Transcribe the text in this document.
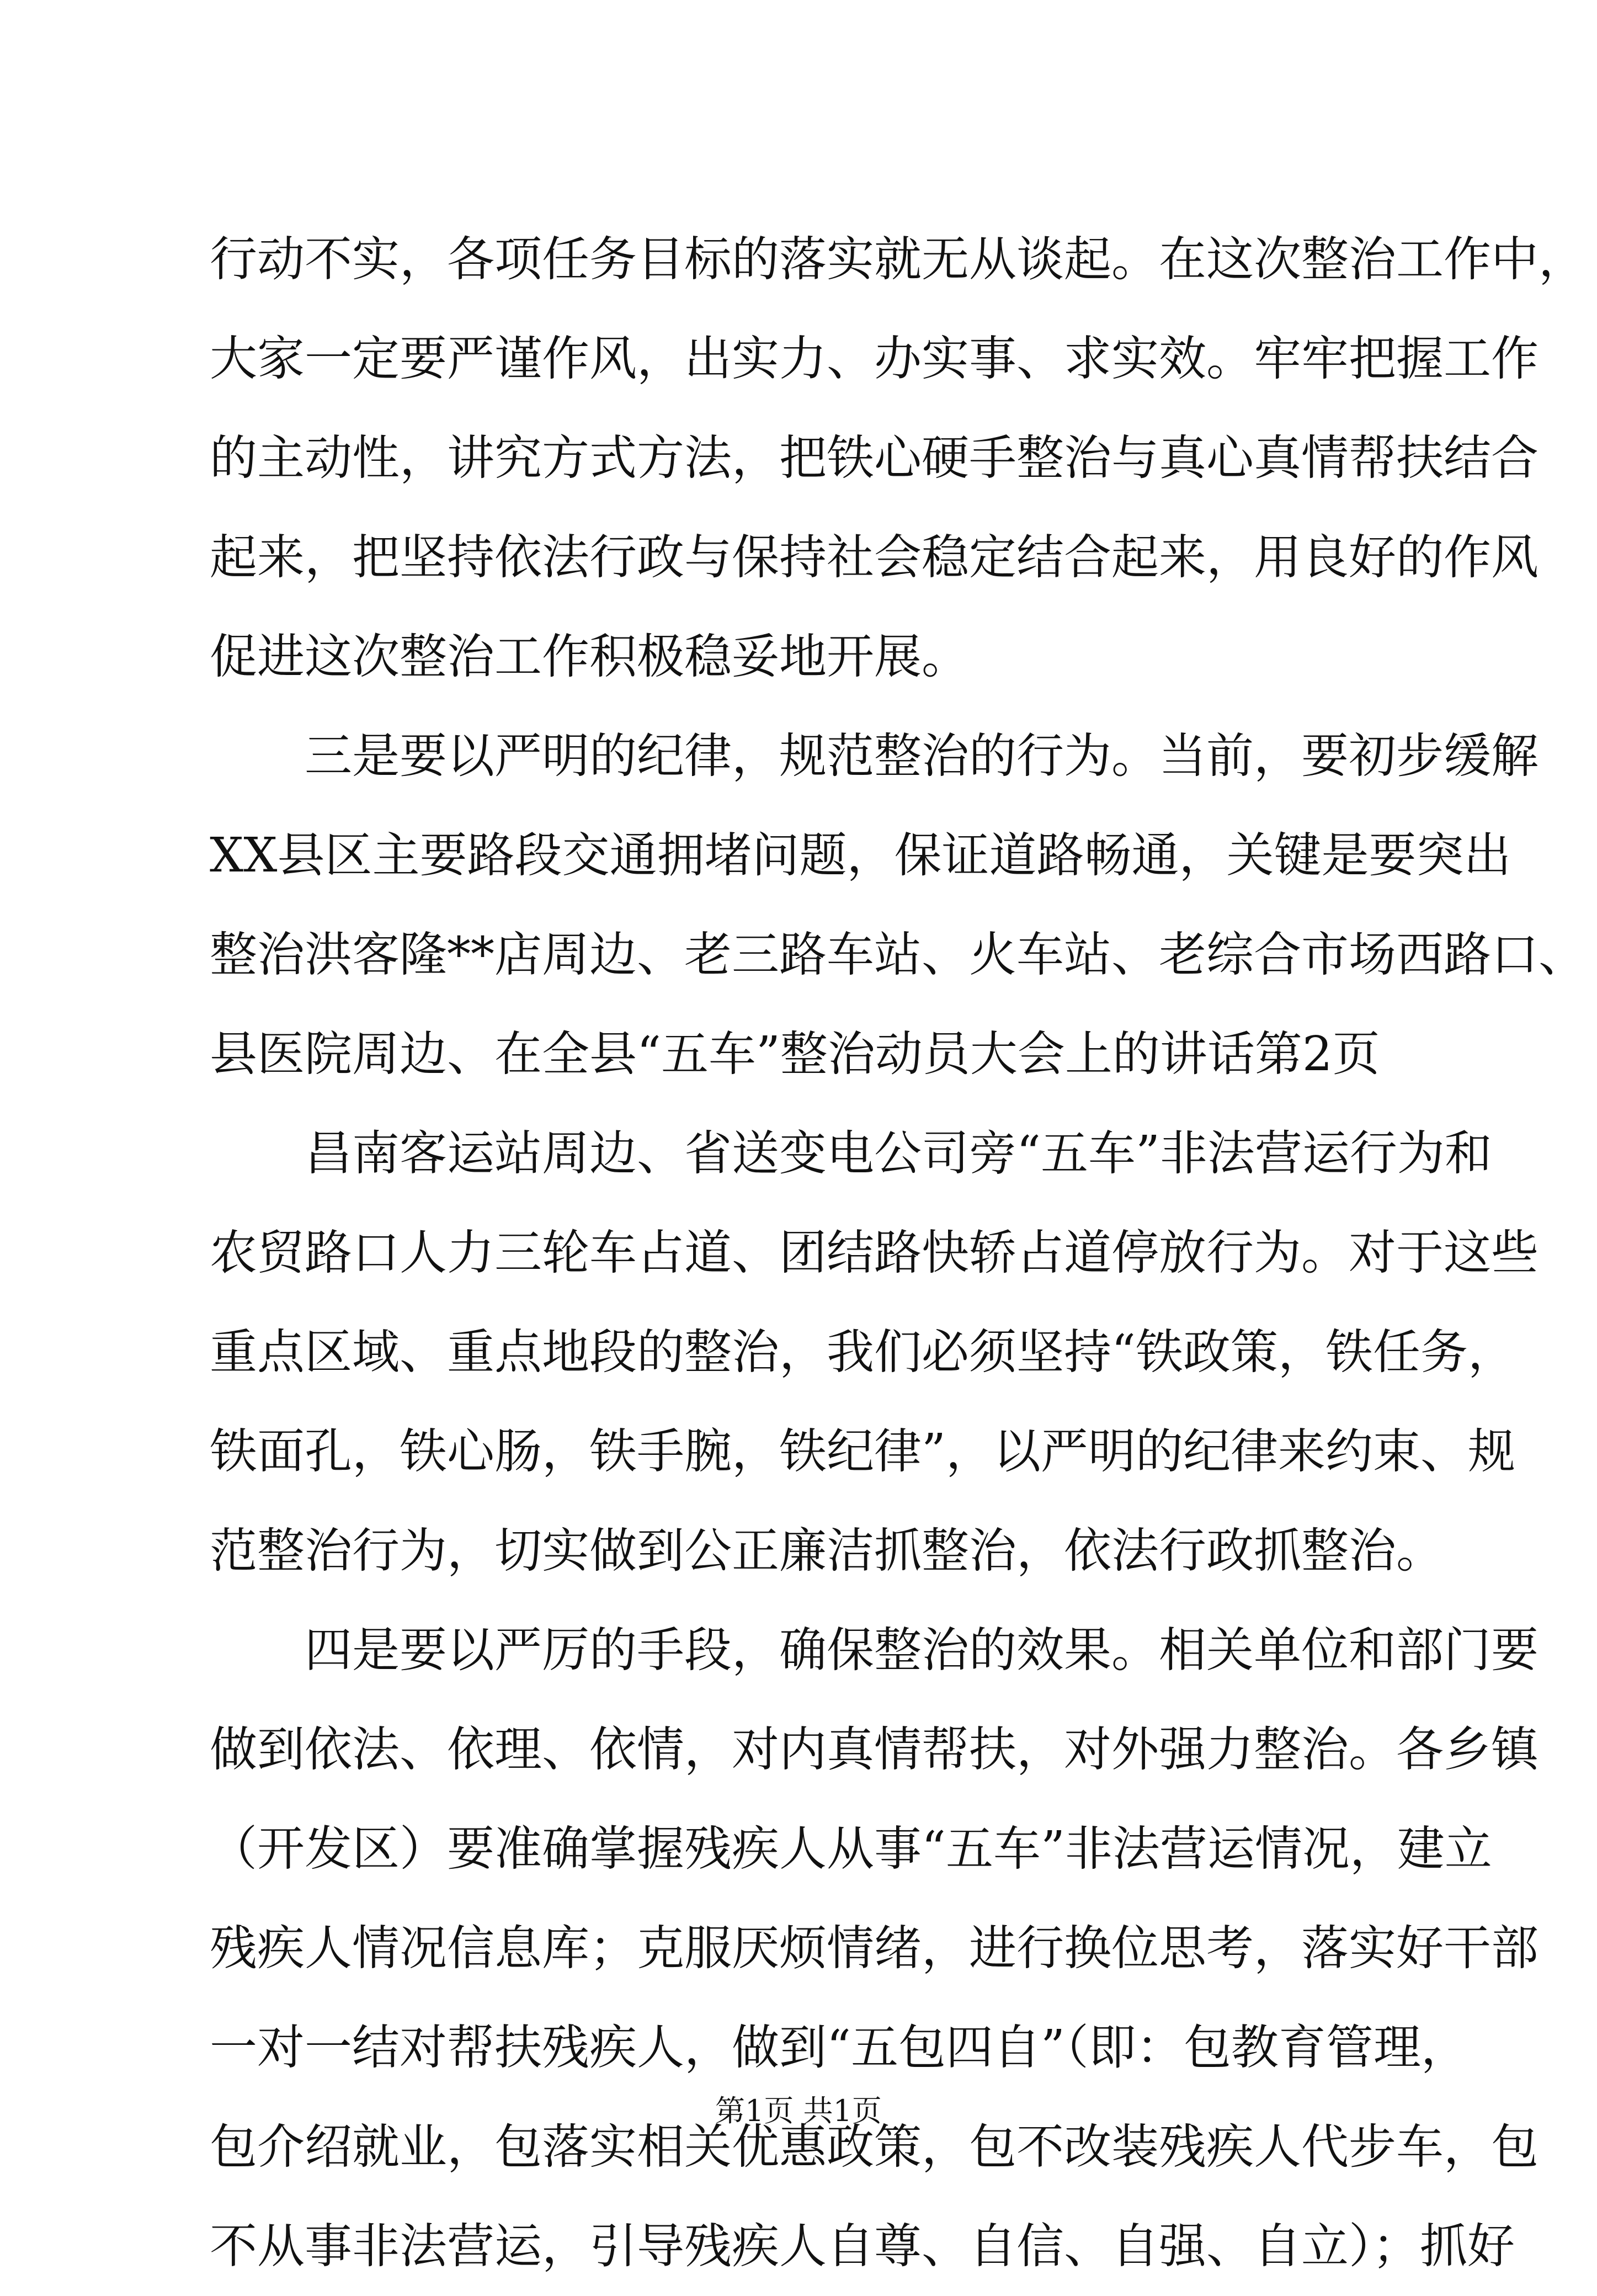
行动不实，各项任务目标的落实就无从谈起。在这次整治工作中，
大家一定要严谨作风，出实力、办实事、求实效。牢牢把握工作
的主动性，讲究方式方法，把铁心硬手整治与真心真情帮扶结合
起来，把坚持依法行政与保持社会稳定结合起来，用良好的作风
促进这次整治工作积极稳妥地开展。
三是要以严明的纪律，规范整治的行为。当前，要初步缓解
XX县区主要路段交通拥堵问题，保证道路畅通，关键是要突出
整治洪客隆**店周边、老三路车站、火车站、老综合市场西路口、
县医院周边、在全县“五车”整治动员大会上的讲话第2页
昌南客运站周边、省送变电公司旁“五车”非法营运行为和
农贸路口人力三轮车占道、团结路快轿占道停放行为。对于这些
重点区域、重点地段的整治，我们必须坚持“铁政策，铁任务，
铁面孔，铁心肠，铁手腕，铁纪律”，以严明的纪律来约束、规
范整治行为，切实做到公正廉洁抓整治，依法行政抓整治。
四是要以严厉的手段，确保整治的效果。相关单位和部门要
做到依法、依理、依情，对内真情帮扶，对外强力整治。各乡镇
（开发区）要准确掌握残疾人从事“五车”非法营运情况，建立
残疾人情况信息库；克服厌烦情绪，进行换位思考，落实好干部
一对一结对帮扶残疾人，做到“五包四自”（即：包教育管理，
包介绍就业，包落实相关优惠政策，包不改装残疾人代步车，包
不从事非法营运，引导残疾人自尊、自信、自强、自立）；抓好
第1页 共1页
